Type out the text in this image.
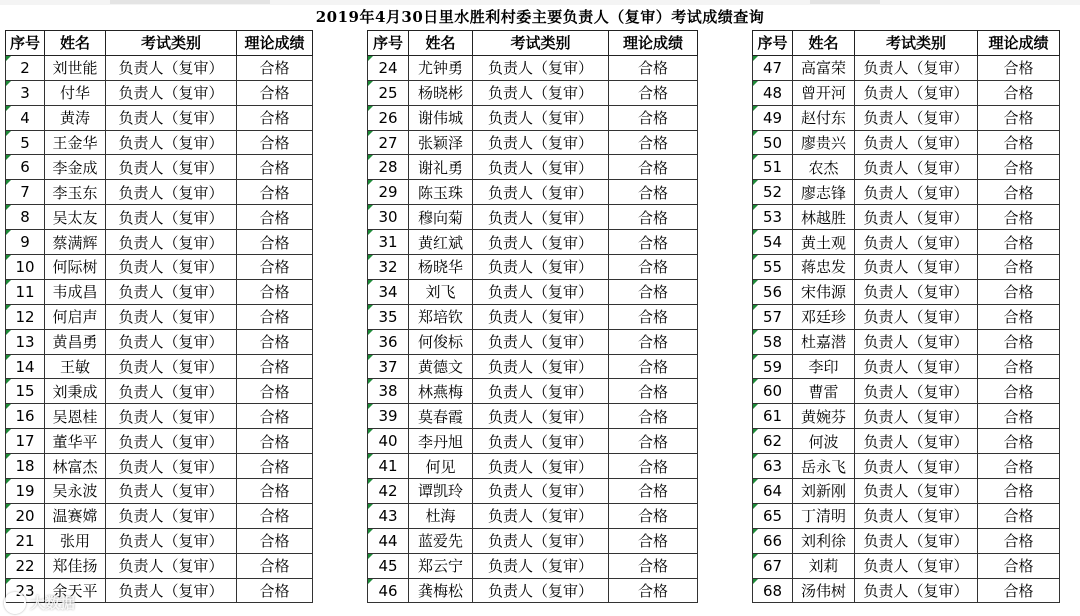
2019年4月30日里水胜利村委主要负责人（复审）考试成绩查询
序号	姓名	考试类别	理论成绩
2	刘世能	负责人（复审）	合格
3	付华	负责人（复审）	合格
4	黄涛	负责人（复审）	合格
5	王金华	负责人（复审）	合格
6	李金成	负责人（复审）	合格
7	李玉东	负责人（复审）	合格
8	吴太友	负责人（复审）	合格
9	蔡满辉	负责人（复审）	合格
10	何际树	负责人（复审）	合格
11	韦成昌	负责人（复审）	合格
12	何启声	负责人（复审）	合格
13	黄昌勇	负责人（复审）	合格
14	王敏	负责人（复审）	合格
15	刘秉成	负责人（复审）	合格
16	吴恩桂	负责人（复审）	合格
17	董华平	负责人（复审）	合格
18	林富杰	负责人（复审）	合格
19	吴永波	负责人（复审）	合格
20	温赛嫦	负责人（复审）	合格
21	张用	负责人（复审）	合格
22	郑佳扬	负责人（复审）	合格
23	余天平	负责人（复审）	合格
序号	姓名	考试类别	理论成绩
24	尤钟勇	负责人（复审）	合格
25	杨晓彬	负责人（复审）	合格
26	谢伟城	负责人（复审）	合格
27	张颖泽	负责人（复审）	合格
28	谢礼勇	负责人（复审）	合格
29	陈玉珠	负责人（复审）	合格
30	穆向菊	负责人（复审）	合格
31	黄红斌	负责人（复审）	合格
32	杨晓华	负责人（复审）	合格
34	刘飞	负责人（复审）	合格
35	郑培钦	负责人（复审）	合格
36	何俊标	负责人（复审）	合格
37	黄德文	负责人（复审）	合格
38	林燕梅	负责人（复审）	合格
39	莫春霞	负责人（复审）	合格
40	李丹旭	负责人（复审）	合格
41	何见	负责人（复审）	合格
42	谭凯玲	负责人（复审）	合格
43	杜海	负责人（复审）	合格
44	蓝爱先	负责人（复审）	合格
45	郑云宁	负责人（复审）	合格
46	龚梅松	负责人（复审）	合格
序号	姓名	考试类别	理论成绩
47	高富荣	负责人（复审）	合格
48	曾开河	负责人（复审）	合格
49	赵付东	负责人（复审）	合格
50	廖贵兴	负责人（复审）	合格
51	农杰	负责人（复审）	合格
52	廖志锋	负责人（复审）	合格
53	林越胜	负责人（复审）	合格
54	黄土观	负责人（复审）	合格
55	蒋忠发	负责人（复审）	合格
56	宋伟源	负责人（复审）	合格
57	邓廷珍	负责人（复审）	合格
58	杜嘉潜	负责人（复审）	合格
59	李印	负责人（复审）	合格
60	曹雷	负责人（复审）	合格
61	黄婉芬	负责人（复审）	合格
62	何波	负责人（复审）	合格
63	岳永飞	负责人（复审）	合格
64	刘新刚	负责人（复审）	合格
65	丁清明	负责人（复审）	合格
66	刘利徐	负责人（复审）	合格
67	刘莉	负责人（复审）	合格
68	汤伟树	负责人（复审）	合格
大数据
